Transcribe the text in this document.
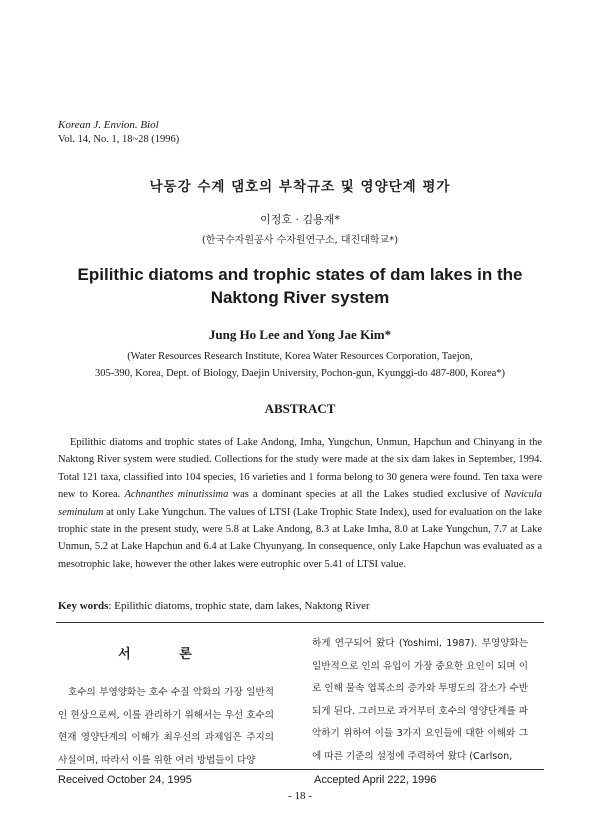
Korean J. Envion. Biol
Vol. 14, No. 1, 18~28 (1996)
낙동강 수계 댐호의 부착규조 및 영양단계 평가
이정호 · 김용재*
(한국수자원공사 수자원연구소, 대진대학교*)
Epilithic diatoms and trophic states of dam lakes in the Naktong River system
Jung Ho Lee and Yong Jae Kim*
(Water Resources Research Institute, Korea Water Resources Corporation, Taejon,
305-390, Korea, Dept. of Biology, Daejin University, Pochon-gun, Kyunggi-do 487-800, Korea*)
ABSTRACT
Epilithic diatoms and trophic states of Lake Andong, Imha, Yungchun, Unmun, Hapchun and Chinyang in the Naktong River system were studied. Collections for the study were made at the six dam lakes in September, 1994. Total 121 taxa, classified into 104 species, 16 varieties and 1 forma belong to 30 genera were found. Ten taxa were new to Korea. Achnanthes minutissima was a dominant species at all the Lakes studied exclusive of Navicula seminulum at only Lake Yungchun. The values of LTSI (Lake Trophic State Index), used for evaluation on the lake trophic state in the present study, were 5.8 at Lake Andong, 8.3 at Lake Imha, 8.0 at Lake Yungchun, 7.7 at Lake Unmun, 5.2 at Lake Hapchun and 6.4 at Lake Chyunyang. In consequence, only Lake Hapchun was evaluated as a mesotrophic lake, however the other lakes were eutrophic over 5.41 of LTSI value.
Key words: Epilithic diatoms, trophic state, dam lakes, Naktong River
서 론

호수의 부영양화는 호수 수질 악화의 가장 일반적인 현상으로써, 이를 관리하기 위해서는 우선 호수의 현재 영양단계의 이해가 최우선의 과제임은 주지의 사실이며, 따라서 이를 위한 여러 방법들이 다양

하게 연구되어 왔다 (Yoshimi, 1987). 부영양화는 일반적으로 인의 유입이 가장 중요한 요인이 되며 이로 인해 물속 엽록소의 증가와 투명도의 감소가 수반되게 된다. 그러므로 과거부터 호수의 영양단계를 파악하기 위하여 이들 3가지 요인들에 대한 이해와 그에 따른 기준의 설정에 주력하여 왔다 (Carlson,

Received October 24, 1995	Accepted April 222, 1996
- 18 -
